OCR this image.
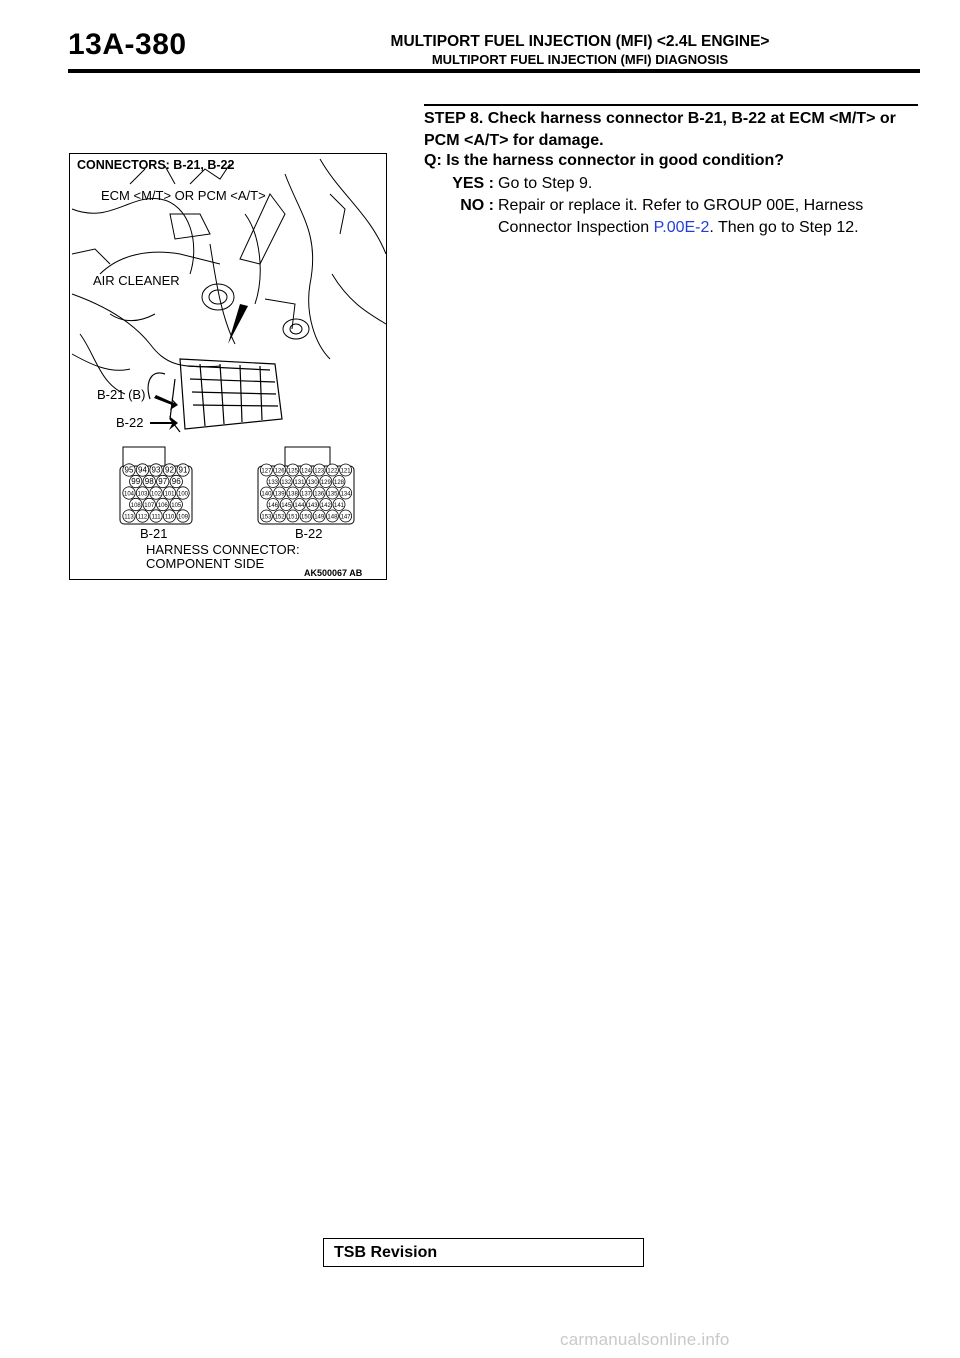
13A-380	MULTIPORT FUEL INJECTION (MFI) <2.4L ENGINE>
MULTIPORT FUEL INJECTION (MFI) DIAGNOSIS
95 94 93 92 91
99 98 97 96
104 103 102 101 100
108 107 106 105
113 112 111 110 109
127 126 125 124 123 122 121
133 132 131 130 129 128
140 139 138 137 136 135 134
146 145 144 143 142 141
153 152 151 150 149 148 147
CONNECTORS: B-21, B-22
ECM <M/T> OR PCM <A/T>
AIR CLEANER
B-21 (B)
B-22
B-21	B-22
HARNESS CONNECTOR:
COMPONENT SIDE
AK500067 AB
STEP 8. Check harness connector B-21, B-22 at ECM <M/T> or PCM <A/T> for damage.
Q: Is the harness connector in good condition?
YES : Go to Step 9.
NO : Repair or replace it. Refer to GROUP 00E, Harness Connector Inspection P.00E-2. Then go to Step 12.
TSB Revision
carmanualsonline.info
